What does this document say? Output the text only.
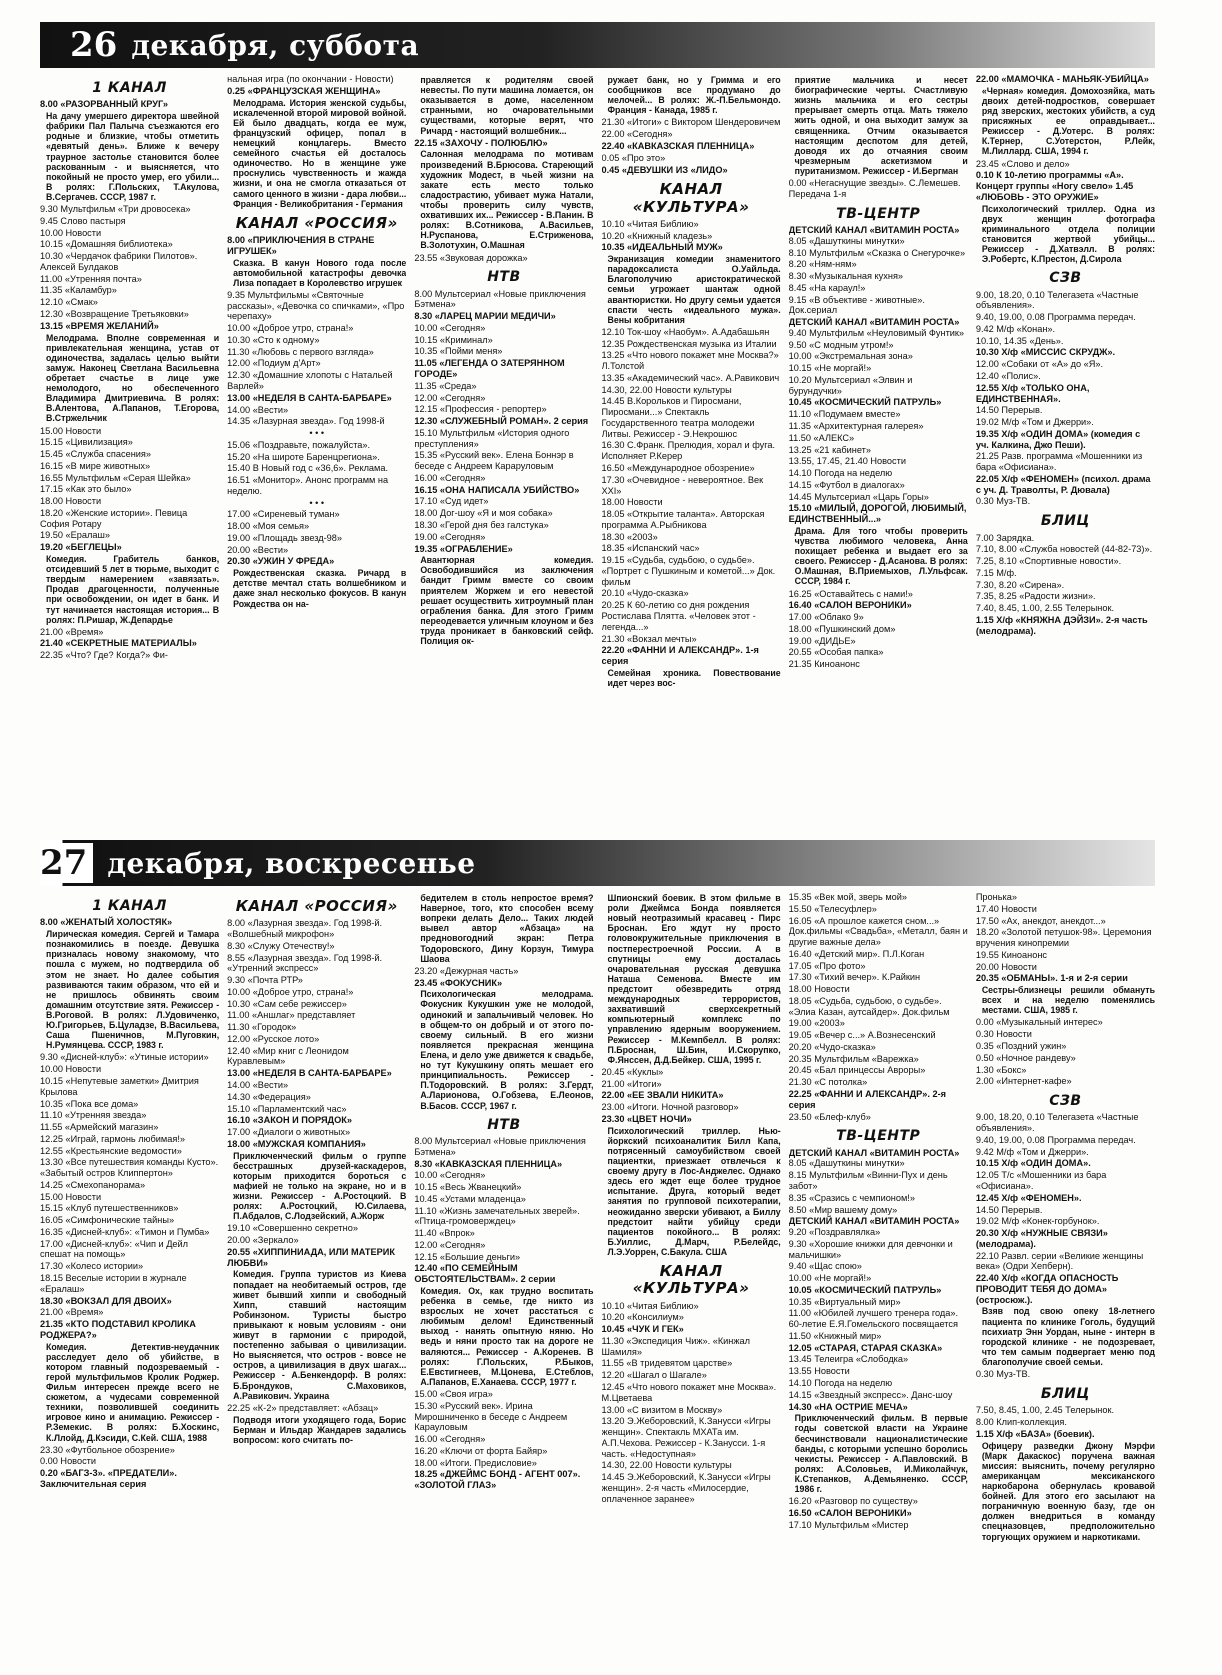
26 декабря, суббота
1 КАНАЛ
8.00 «РАЗОРВАННЫЙ КРУГ»
На дачу умершего директора швейной фабрики Пал Палыча съезжаются его родные и близкие, чтобы отметить «девятый день». Ближе к вечеру траурное застолье становится более раскованным - и выясняется, что покойный не просто умер, его убили... В ролях: Г.Польских, Т.Акулова, В.Сергачев. СССР, 1987 г.
9.30 Мультфильм «Три дровосека»
9.45 Слово пастыря
10.00 Новости
10.15 «Домашняя библиотека»
10.30 «Чердачок фабрики Пилотов». Алексей Булдаков
11.00 «Утренняя почта»
11.35 «Каламбур»
12.10 «Смак»
12.30 «Возвращение Третьяковки»
13.15 «ВРЕМЯ ЖЕЛАНИЙ»
Мелодрама. Вполне современная и привлекательная женщина, устав от одиночества, задалась целью выйти замуж. Наконец Светлана Васильевна обретает счастье в лице уже немолодого, но обеспеченного Владимира Дмитриевича. В ролях: В.Алентова, А.Папанов, Т.Егорова, В.Стржельчик
15.00 Новости
15.15 «Цивилизация»
15.45 «Служба спасения»
16.15 «В мире животных»
16.55 Мультфильм «Серая Шейка»
17.15 «Как это было»
18.00 Новости
18.20 «Женские истории». Певица София Ротару
19.50 «Ералаш»
19.20 «БЕГЛЕЦЫ»
Комедия. Грабитель банков, отсидевший 5 лет в тюрьме, выходит с твердым намерением «завязать». Продав драгоценности, полученные при освобождении, он идет в банк. И тут начинается настоящая история... В ролях: П.Ришар, Ж.Депардье
21.00 «Время»
21.40 «СЕКРЕТНЫЕ МАТЕРИАЛЫ»
22.35 «Что? Где? Когда?» Фи-
нальная игра (по окончании - Новости)
0.25 «ФРАНЦУЗСКАЯ ЖЕНЩИНА»
Мелодрама. История женской судьбы, искалеченной второй мировой войной. Ей было двадцать, когда ее муж, французский офицер, попал в немецкий концлагерь. Вместо семейного счастья ей досталось одиночество. Но в женщине уже проснулись чувственность и жажда жизни, и она не смогла отказаться от самого ценного в жизни - дара любви... Франция - Великобритания - Германия
КАНАЛ «РОССИЯ»
8.00 «ПРИКЛЮЧЕНИЯ В СТРАНЕ ИГРУШЕК»
Сказка. В канун Нового года после автомобильной катастрофы девочка Лиза попадает в Королевство игрушек
9.35 Мультфильмы «Святочные рассказы», «Девочка со спичками», «Про черепаху»
10.00 «Доброе утро, страна!»
10.30 «Сто к одному»
11.30 «Любовь с первого взгляда»
12.00 «Подиум д'Арт»
12.30 «Домашние хлопоты с Натальей Варлей»
13.00 «НЕДЕЛЯ В САНТА-БАРБАРЕ»
14.00 «Вести»
14.35 «Лазурная звезда». Год 1998-й
• • •
15.06 «Поздравьте, пожалуйста».
15.20 «На широте Баренцрегиона».
15.40 В Новый год с «36,6». Реклама.
16.51 «Монитор». Анонс программ на неделю.
• • •
17.00 «Сиреневый туман»
18.00 «Моя семья»
19.00 «Площадь звезд-98»
20.00 «Вести»
20.30 «УЖИН У ФРЕДА»
Рождественская сказка. Ричард в детстве мечтал стать волшебником и даже знал несколько фокусов. В канун Рождества он на-
правляется к родителям своей невесты. По пути машина ломается, он оказывается в доме, населенном странными, но очаровательными существами, которые верят, что Ричард - настоящий волшебник...
22.15 «ЗАХОЧУ - ПОЛЮБЛЮ»
Салонная мелодрама по мотивам произведений В.Брюсова. Стареющий художник Модест, в чьей жизни на закате есть место только сладострастию, убивает мужа Натали, чтобы проверить силу чувств, охвативших их... Режиссер - В.Панин. В ролях: В.Сотникова, А.Васильев, Н.Руспанова, Е.Стриженова, В.Золотухин, О.Машная
23.55 «Звуковая дорожка»
НТВ
8.00 Мультсериал «Новые приключения Бэтмена»
8.30 «ЛАРЕЦ МАРИИ МЕДИЧИ»
10.00 «Сегодня»
10.15 «Криминал»
10.35 «Пойми меня»
11.05 «ЛЕГЕНДА О ЗАТЕРЯННОМ ГОРОДЕ»
11.35 «Среда»
12.00 «Сегодня»
12.15 «Профессия - репортер»
12.30 «СЛУЖЕБНЫЙ РОМАН». 2 серия
15.10 Мультфильм «История одного преступления»
15.35 «Русский век». Елена Боннэр в беседе с Андреем Караруловым
16.00 «Сегодня»
16.15 «ОНА НАПИСАЛА УБИЙСТВО»
17.10 «Суд идет»
18.00 Дог-шоу «Я и моя собака»
18.30 «Герой дня без галстука»
19.00 «Сегодня»
19.35 «ОГРАБЛЕНИЕ»
Авантюрная комедия. Освободившийся из заключения бандит Гримм вместе со своим приятелем Жоржем и его невестой решает осуществить хитроумный план ограбления банка. Для этого Гримм переодевается уличным клоуном и без труда проникает в банковский сейф. Полиция ок-
ружает банк, но у Гримма и его сообщников все продумано до мелочей... В ролях: Ж.-П.Бельмондо. Франция - Канада, 1985 г.
21.30 «Итоги» с Виктором Шендеровичем
22.00 «Сегодня»
22.40 «КАВКАЗСКАЯ ПЛЕННИЦА»
0.05 «Про это»
0.45 «ДЕВУШКИ ИЗ «ЛИДО»
КАНАЛ «КУЛЬТУРА»
10.10 «Читая Библию»
10.20 «Книжный кладезь»
10.35 «ИДЕАЛЬНЫЙ МУЖ»
Экранизация комедии знаменитого парадоксалиста О.Уайльда. Благополучию аристократической семьи угрожает шантаж одной авантюристки. Но другу семьи удается спасти честь «идеального мужа». Вены кобритания
12.10 Ток-шоу «Наобум». А.Адабашьян
12.35 Рождественская музыка из Италии
13.25 «Что нового покажет мне Москва?» Л.Толстой
13.35 «Академический час». А.Равикович
14.30, 22.00 Новости культуры
14.45 В.Корольков и Пиросмани, Пиросмани...» Спектакль Государственного театра молодежи Литвы. Режиссер - Э.Некрошюс
16.30 С.Франк. Прелюдия, хорал и фуга. Исполняет Р.Керер
16.50 «Международное обозрение»
17.30 «Очевидное - невероятное. Век XXI»
18.00 Новости
18.05 «Открытие таланта». Авторская программа А.Рыбникова
18.30 «2003»
18.35 «Испанский час»
19.15 «Судьба, судьбою, о судьбе». «Портрет с Пушкиным и кометой...» Док. фильм
20.10 «Чудо-сказка»
20.25 К 60-летию со дня рождения Ростислава Плятта. «Человек этот - легенда...»
21.30 «Вокзал мечты»
22.20 «ФАННИ И АЛЕКСАНДР». 1-я серия
Семейная хроника. Повествование идет через вос-
приятие мальчика и несет биографические черты. Счастливую жизнь мальчика и его сестры прерывает смерть отца. Мать тяжело жить одной, и она выходит замуж за священника. Отчим оказывается настоящим деспотом для детей, доводя их до отчаяния своим чрезмерным аскетизмом и пуританизмом. Режиссер - И.Бергман
0.00 «Негаснущие звезды». С.Лемешев. Передача 1-я
ТВ-ЦЕНТР
ДЕТСКИЙ КАНАЛ «ВИТАМИН РОСТА»
8.05 «Дашуткины минутки»
8.10 Мультфильм «Сказка о Снегурочке»
8.20 «Ням-ням»
8.30 «Музыкальная кухня»
8.45 «На караул!»
9.15 «В объективе - животные». Док.сериал
ДЕТСКИЙ КАНАЛ «ВИТАМИН РОСТА»
9.40 Мультфильм «Неуловимый Фунтик»
9.50 «С модным утром!»
10.00 «Экстремальная зона»
10.15 «Не моргай!»
10.20 Мультсериал «Элвин и бурундучки»
10.45 «КОСМИЧЕСКИЙ ПАТРУЛЬ»
11.10 «Подумаем вместе»
11.35 «Архитектурная галерея»
11.50 «АЛЕКС»
13.25 «21 кабинет»
13.55, 17.45, 21.40 Новости
14.10 Погода на неделю
14.15 «Футбол в диалогах»
14.45 Мультсериал «Царь Горы»
15.10 «МИЛЫЙ, ДОРОГОЙ, ЛЮБИМЫЙ, ЕДИНСТВЕННЫЙ...»
Драма. Для того чтобы проверить чувства любимого человека, Анна похищает ребенка и выдает его за своего. Режиссер - Д.Асанова. В ролях: О.Машная, В.Приемыхов, Л.Ульфсак. СССР, 1984 г.
16.25 «Оставайтесь с нами!»
16.40 «САЛОН ВЕРОНИКИ»
17.00 «Облако 9»
18.00 «Пушкинский дом»
19.00 «ДИДЬЕ»
20.55 «Особая папка»
21.35 Киноанонс
22.00 «МАМОЧКА - МАНЬЯК-УБИЙЦА»
«Черная» комедия. Домохозяйка, мать двоих детей-подростков, совершает ряд зверских, жестоких убийств, а суд присяжных ее оправдывает... Режиссер - Д.Уотерс. В ролях: К.Тернер, С.Уотерстон, Р.Лейк, М.Лиллард. США, 1994 г.
23.45 «Слово и дело»
0.10 К 10-летию программы «А». Концерт группы «Ногу свело» 1.45 «ЛЮБОВЬ - ЭТО ОРУЖИЕ»
Психологический триллер. Одна из двух женщин фотографа криминального отдела полиции становится жертвой убийцы... Режиссер - Д.Хатвэлл. В ролях: Э.Робертс, К.Престон, Д.Сирола
СЗВ
9.00, 18.20, 0.10 Телегазета «Частные объявления».
9.40, 19.00, 0.08 Программа передач.
9.42 М/ф «Конан».
10.10, 14.35 «День».
10.30 Х/ф «МИССИС СКРУДЖ».
12.00 «Собаки от «А» до «Я».
12.40 «Полис».
12.55 Х/ф «ТОЛЬКО ОНА, ЕДИНСТВЕННАЯ».
14.50 Перерыв.
19.02 М/ф «Том и Джерри».
19.35 Х/ф «ОДИН ДОМА» (комедия с уч. Калкина, Джо Пеши).
21.25 Разв. программа «Мошенники из бара «Офисиана».
22.05 Х/ф «ФЕНОМЕН» (психол. драма с уч. Д. Траволты, Р. Дювала)
0.30 Муз-ТВ.
БЛИЦ
7.00 Зарядка.
7.10, 8.00 «Служба новостей (44-82-73)».
7.25, 8.10 «Спортивные новости».
7.15 М/ф.
7.30, 8.20 «Сирена».
7.35, 8.25 «Радости жизни».
7.40, 8.45, 1.00, 2.55 Телерынок.
1.15 Х/ф «КНЯЖНА ДЭЙЗИ». 2-я часть (мелодрама).
27 декабря, воскресенье
1 КАНАЛ
8.00 «ЖЕНАТЫЙ ХОЛОСТЯК»
Лирическая комедия. Сергей и Тамара познакомились в поезде. Девушка призналась новому знакомому, что пошла с мужем, но подтвердила об этом не знает. Но далее события развиваются таким образом, что ей и не пришлось обвинять своим домашним отсутствие зятя. Режиссер - В.Роговой. В ролях: Л.Удовиченко, Ю.Григорьев, Б.Цуладзе, В.Васильева, Саша Пшеничнов, М.Пуговкин, Н.Румянцева. СССР, 1983 г.
9.30 «Дисней-клуб»: «Утиные истории»
10.00 Новости
10.15 «Непутевые заметки» Дмитрия Крылова
10.35 «Пока все дома»
11.10 «Утренняя звезда»
11.55 «Армейский магазин»
12.25 «Играй, гармонь любимая!»
12.55 «Крестьянские ведомости»
13.30 «Все путешествия команды Кусто». «Забытый остров Клиппертон»
14.25 «Смехопанорама»
15.00 Новости
15.15 «Клуб путешественников»
16.05 «Симфонические тайны»
16.35 «Дисней-клуб»: «Тимон и Пумба»
17.00 «Дисней-клуб»: «Чип и Дейл спешат на помощь»
17.30 «Колесо истории»
18.15 Веселые истории в журнале «Ералаш»
18.30 «ВОКЗАЛ ДЛЯ ДВОИХ»
21.00 «Время»
21.35 «КТО ПОДСТАВИЛ КРОЛИКА РОДЖЕРА?»
Комедия. Детектив-неудачник расследует дело об убийстве, в котором главный подозреваемый - герой мультфильмов Кролик Роджер. Фильм интересен прежде всего не сюжетом, а чудесами современной техники, позволившей соединить игровое кино и анимацию. Режиссер - Р.Земекис. В ролях: Б.Хоскинс, К.Ллойд, Д.Кэсиди, С.Кей. США, 1988
23.30 «Футбольное обозрение»
0.00 Новости
0.20 «БАГЗ-3». «ПРЕДАТЕЛИ». Заключительная серия
КАНАЛ «РОССИЯ»
8.00 «Лазурная звезда». Год 1998-й. «Волшебный микрофон»
8.30 «Служу Отечеству!»
8.55 «Лазурная звезда». Год 1998-й. «Утренний экспресс»
9.30 «Почта РТР»
10.00 «Доброе утро, страна!»
10.30 «Сам себе режиссер»
11.00 «Аншлаг» представляет
11.30 «Городок»
12.00 «Русское лото»
12.40 «Мир книг с Леонидом Куравлевым»
13.00 «НЕДЕЛЯ В САНТА-БАРБАРЕ»
14.00 «Вести»
14.30 «Федерация»
15.10 «Парламентский час»
16.10 «ЗАКОН И ПОРЯДОК»
17.00 «Диалоги о животных»
18.00 «МУЖСКАЯ КОМПАНИЯ»
Приключенческий фильм о группе бесстрашных друзей-каскадеров, которым приходится бороться с мафией не только на экране, но и в жизни. Режиссер - А.Ростоцкий. В ролях: А.Ростоцкий, Ю.Силаева, П.Абдалов, С.Лодзейский, А.Жорж
19.10 «Совершенно секретно»
20.00 «Зеркало»
20.55 «ХИППИНИАДА, ИЛИ МАТЕРИК ЛЮБВИ»
Комедия. Группа туристов из Киева попадает на необитаемый остров, где живет бывший хиппи и свободный Хипп, ставший настоящим Робинзоном. Туристы быстро привыкают к новым условиям - они живут в гармонии с природой, постепенно забывая о цивилизации. Но выясняется, что остров - вовсе не остров, а цивилизация в двух шагах... Режиссер - А.Бенкендорф. В ролях: Б.Брондуков, С.Маховиков, А.Равикович. Украина
22.25 «К-2» представляет: «Абзац»
Подводя итоги уходящего года, Борис Берман и Ильдар Жандарев задались вопросом: кого считать по-
бедителем в столь непростое время? Наверное, того, кто способен всему вопреки делать Дело... Таких людей вывел автор «Абзаца» на предновогодний экран: Петра Тодоровского, Дину Корзун, Тимура Шаова
23.20 «Дежурная часть»
23.45 «ФОКУСНИК»
Психологическая мелодрама. Фокусник Кукушкин уже не молодой, одинокий и запальчивый человек. Но в общем-то он добрый и от этого по-своему сильный. В его жизни появляется прекрасная женщина Елена, и дело уже движется к свадьбе, но тут Кукушкину опять мешает его принципиальность. Режиссер - П.Тодоровский. В ролях: З.Гердт, А.Ларионова, О.Гобзева, Е.Леонов, В.Басов. СССР, 1967 г.
НТВ
8.00 Мультсериал «Новые приключения Бэтмена»
8.30 «КАВКАЗСКАЯ ПЛЕННИЦА»
10.00 «Сегодня»
10.15 «Весь Жванецкий»
10.45 «Устами младенца»
11.10 «Жизнь замечательных зверей». «Птица-громоверждец»
11.40 «Впрок»
12.00 «Сегодня»
12.15 «Большие деньги»
12.40 «ПО СЕМЕЙНЫМ ОБСТОЯТЕЛЬСТВАМ». 2 серии
Комедия. Ох, как трудно воспитать ребенка в семье, где никто из взрослых не хочет расстаться с любимым делом! Единственный выход - нанять опытную няню. Но ведь и няни просто так на дороге не валяются... Режиссер - А.Коренев. В ролях: Г.Польских, Р.Быков, Е.Евстигнеев, М.Цонева, Е.Стеблов, А.Папанов, Е.Ханаева. СССР, 1977 г.
15.00 «Своя игра»
15.30 «Русский век». Ирина Мирошниченко в беседе с Андреем Карауловым
16.00 «Сегодня»
16.20 «Ключи от форта Байяр»
18.00 «Итоги. Предисловие»
18.25 «ДЖЕЙМС БОНД - АГЕНТ 007». «ЗОЛОТОЙ ГЛАЗ»
Шпионский боевик. В этом фильме в роли Джеймса Бонда появляется новый неотразимый красавец - Пирс Броснан. Его ждут ну просто головокружительные приключения в постперестроечной России. А в спутницы ему досталась очаровательная русская девушка Наташа Семенова. Вместе им предстоит обезвредить отряд международных террористов, захвативший сверхсекретный компьютерный комплекс по управлению ядерным вооружением. Режиссер - М.Кемпбелл. В ролях: П.Броснан, Ш.Бин, И.Скорупко, Ф.Янссен, Д.Д.Бейкер. США, 1995 г.
20.45 «Куклы»
21.00 «Итоги»
22.00 «ЕЕ ЗВАЛИ НИКИТА»
23.00 «Итоги. Ночной разговор»
23.30 «ЦВЕТ НОЧИ»
Психологический триллер. Нью-йоркский психоаналитик Билл Капа, потрясенный самоубийством своей пациентки, приезжает отвлечься к своему другу в Лос-Анджелес. Однако здесь его ждет еще более трудное испытание. Друга, который ведет занятия по групповой психотерапии, неожиданно зверски убивают, а Биллу предстоит найти убийцу среди пациентов покойного... В ролях: Б.Уиллис, Д.Марч, Р.Белейдс, Л.Э.Уоррен, С.Бакула. США
КАНАЛ «КУЛЬТУРА»
10.10 «Читая Библию»
10.20 «Консилиум»
10.45 «ЧУК И ГЕК»
11.30 «Экспедиция Чиж». «Кинжал Шамиля»
11.55 «В тридевятом царстве»
12.20 «Шагал о Шагале»
12.45 «Что нового покажет мне Москва». М.Цветаева
13.00 «С визитом в Москву»
13.20 Э.Жеборовский, К.Занусси «Игры женщин». Спектакль МХАТа им. А.П.Чехова. Режиссер - К.Занусси. 1-я часть. «Недоступная»
14.30, 22.00 Новости культуры
14.45 Э.Жеборовский, К.Занусси «Игры женщин». 2-я часть «Милосердие, оплаченное заранее»
15.35 «Век мой, зверь мой»
15.50 «Телесуфлер»
16.05 «А прошлое кажется сном...» Док.фильмы «Свадьба», «Металл, баян и другие важные дела»
16.40 «Детский мир». П.Л.Коган
17.05 «Про фото»
17.30 «Тихий вечер». К.Райкин
18.00 Новости
18.05 «Судьба, судьбою, о судьбе». «Элиа Казан, аутсайдер». Док.фильм
19.00 «2003»
19.05 «Вечер с...» А.Вознесенский
20.20 «Чудо-сказка»
20.35 Мультфильм «Варежка»
20.45 «Бал принцессы Авроры»
21.30 «С потолка»
22.25 «ФАННИ И АЛЕКСАНДР». 2-я серия
23.50 «Блеф-клуб»
ТВ-ЦЕНТР
ДЕТСКИЙ КАНАЛ «ВИТАМИН РОСТА»
8.05 «Дашуткины минутки»
8.15 Мультфильм «Винни-Пух и день забот»
8.35 «Сразись с чемпионом!»
8.50 «Мир вашему дому»
ДЕТСКИЙ КАНАЛ «ВИТАМИН РОСТА»
9.20 «Поздравлялка»
9.30 «Хорошие книжки для девчонки и мальчишки»
9.40 «Щас спою»
10.00 «Не моргай!»
10.05 «КОСМИЧЕСКИЙ ПАТРУЛЬ»
10.35 «Виртуальный мир»
11.00 «Юбилей лучшего тренера года». 60-летие Е.Я.Гомельского посвящается
11.50 «Книжный мир»
12.05 «СТАРАЯ, СТАРАЯ СКАЗКА»
13.45 Телеигра «Слободка»
13.55 Новости
14.10 Погода на неделю
14.15 «Звездный экспресс». Данс-шоу
14.30 «НА ОСТРИЕ МЕЧА»
Приключенческий фильм. В первые годы советской власти на Украине бесчинствовали националистические банды, с которыми успешно боролись чекисты. Режиссер - А.Павловский. В ролях: А.Соловьев, И.Миколайчук, К.Степанков, А.Демьяненко. СССР, 1986 г.
16.20 «Разговор по существу»
16.50 «САЛОН ВЕРОНИКИ»
17.10 Мультфильм «Мистер
Пронька»
17.40 Новости
17.50 «Ах, анекдот, анекдот...»
18.20 «Золотой петушок-98». Церемония вручения кинопремии
19.55 Киноанонс
20.00 Новости
20.35 «ОБМАНЫ». 1-я и 2-я серии
Сестры-близнецы решили обмануть всех и на неделю поменялись местами. США, 1985 г.
0.00 «Музыкальный интерес»
0.30 Новости
0.35 «Поздний ужин»
0.50 «Ночное рандеву»
1.30 «Бокс»
2.00 «Интернет-кафе»
СЗВ
9.00, 18.20, 0.10 Телегазета «Частные объявления».
9.40, 19.00, 0.08 Программа передач.
9.42 М/ф «Том и Джерри».
10.15 Х/ф «ОДИН ДОМА».
12.05 Т/с «Мошенники из бара «Офисиана».
12.45 Х/ф «ФЕНОМЕН».
14.50 Перерыв.
19.02 М/ф «Конек-горбунок».
20.30 Х/ф «НУЖНЫЕ СВЯЗИ» (мелодрама).
22.10 Развл. серии «Великие женщины века» (Одри Хепберн).
22.40 Х/ф «КОГДА ОПАСНОСТЬ ПРОВОДИТ ТЕБЯ ДО ДОМА» (остросюж.).
Взяв под свою опеку 18-летнего пациента по клинике Гоголь, будущий психиатр Энн Уордан, ныне - интерн в городской клинике - не подозревает, что тем самым подвергает меню под благополучие своей семьи.
0.30 Муз-ТВ.
БЛИЦ
7.50, 8.45, 1.00, 2.45 Телерынок.
8.00 Клип-коллекция.
1.15 Х/ф «БАЗА» (боевик).
Офицеру разведки Джону Мэрфи (Марк Дакаскос) поручена важная миссия: выяснить, почему регулярно американцам мексиканского наркобарона обернулась кровавой бойней. Для этого его засылают на пограничную военную базу, где он должен внедриться в команду спецназовцев, предположительно торгующих оружием и наркотиками.
